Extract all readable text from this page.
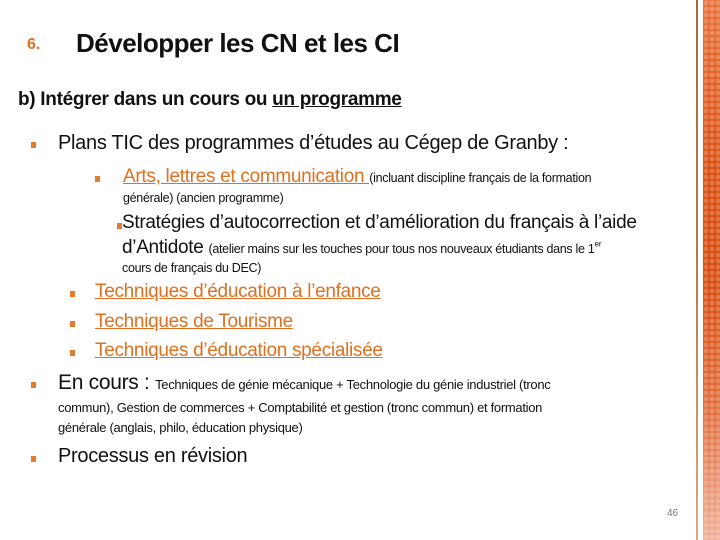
6. Développer les CN et les CI
b) Intégrer dans un cours ou un programme
Plans TIC des programmes d’études au Cégep de Granby :
Arts, lettres et communication (incluant discipline français de la formation
générale) (ancien programme)
Stratégies d’autocorrection et d’amélioration du français à l’aide
d’Antidote (atelier mains sur les touches pour tous nos nouveaux étudiants dans le 1er
cours de français du DEC)
Techniques d’éducation à l’enfance
Techniques de Tourisme
Techniques d’éducation spécialisée
En cours : Techniques de génie mécanique + Technologie du génie industriel (tronc
commun), Gestion de commerces + Comptabilité et gestion (tronc commun) et formation
générale (anglais, philo, éducation physique)
Processus en révision
46
